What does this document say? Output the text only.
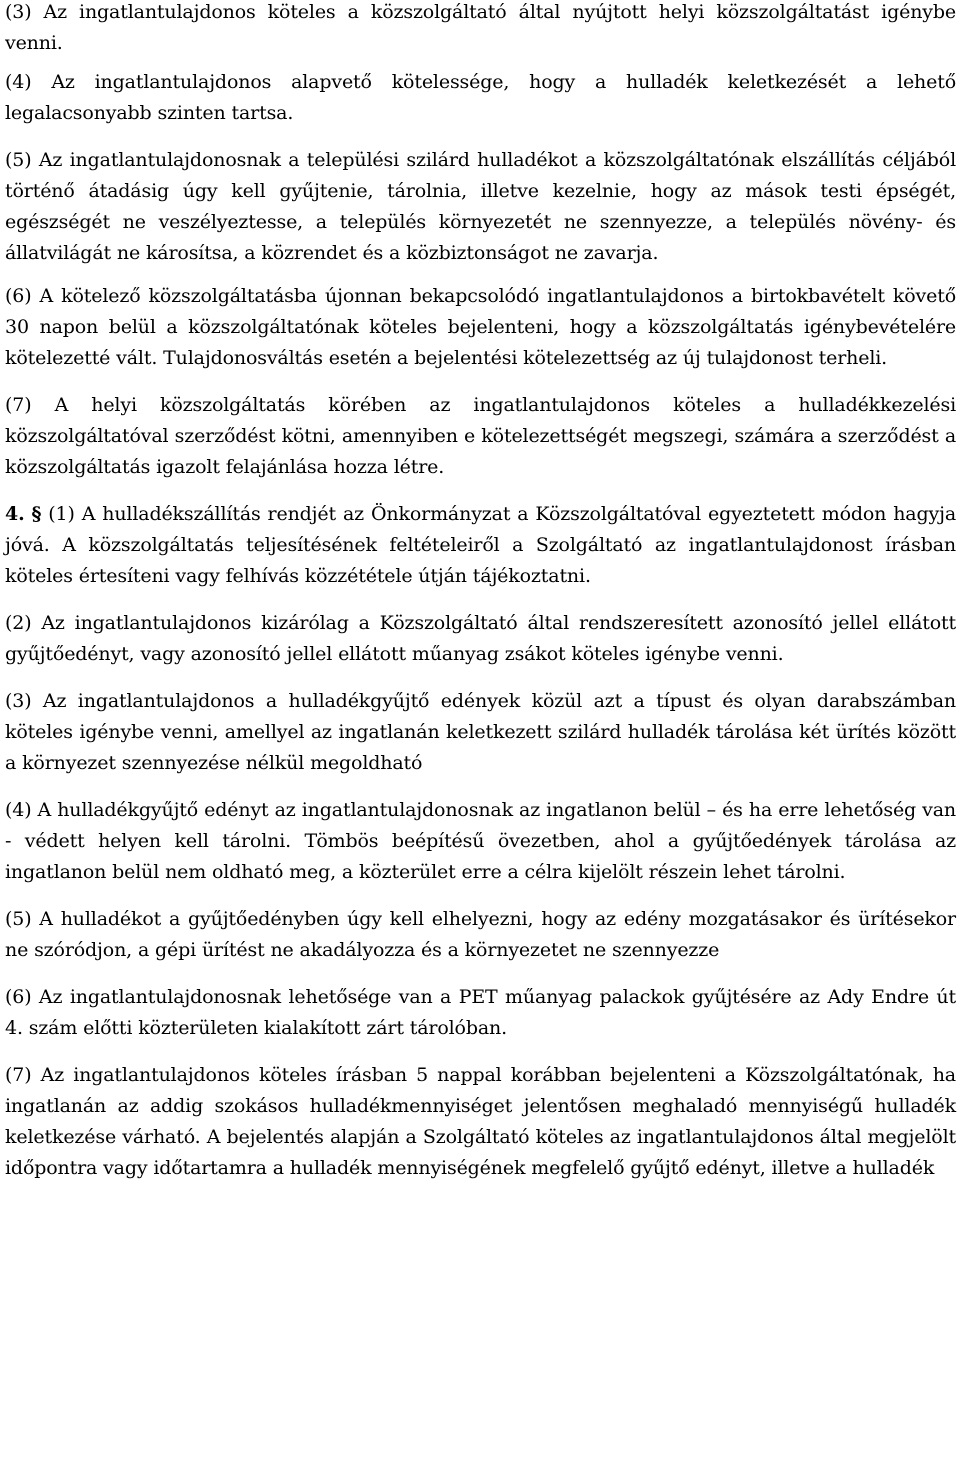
(3) Az ingatlantulajdonos köteles a közszolgáltató által nyújtott helyi közszolgáltatást igénybe venni.

(4) Az ingatlantulajdonos alapvető kötelessége, hogy a hulladék keletkezését a lehető legalacsonyabb szinten tartsa.

(5) Az ingatlantulajdonosnak a települési szilárd hulladékot a közszolgáltatónak elszállítás céljából történő átadásig úgy kell gyűjtenie, tárolnia, illetve kezelnie, hogy az mások testi épségét, egészségét ne veszélyeztesse, a település környezetét ne szennyezze, a település növény- és állatvilágát ne károsítsa, a közrendet és a közbiztonságot ne zavarja.

(6) A kötelező közszolgáltatásba újonnan bekapcsolódó ingatlantulajdonos a birtokbavételt követő 30 napon belül a közszolgáltatónak köteles bejelenteni, hogy a közszolgáltatás igénybevételére kötelezetté vált. Tulajdonosváltás esetén a bejelentési kötelezettség az új tulajdonost terheli.

(7) A helyi közszolgáltatás körében az ingatlantulajdonos köteles a hulladékkezelési közszolgáltatóval szerződést kötni, amennyiben e kötelezettségét megszegi, számára a szerződést a közszolgáltatás igazolt felajánlása hozza létre.

4. § (1) A hulladékszállítás rendjét az Önkormányzat a Közszolgáltatóval egyeztetett módon hagyja jóvá. A közszolgáltatás teljesítésének feltételeiről a Szolgáltató az ingatlantulajdonost írásban köteles értesíteni vagy felhívás közzététele útján tájékoztatni.

(2) Az ingatlantulajdonos kizárólag a Közszolgáltató által rendszeresített azonosító jellel ellátott gyűjtőedényt, vagy azonosító jellel ellátott műanyag zsákot köteles igénybe venni.

(3) Az ingatlantulajdonos a hulladékgyűjtő edények közül azt a típust és olyan darabszámban köteles igénybe venni, amellyel az ingatlanán keletkezett szilárd hulladék tárolása két ürítés között a környezet szennyezése nélkül megoldható

(4) A hulladékgyűjtő edényt az ingatlantulajdonosnak az ingatlanon belül – és ha erre lehetőség van - védett helyen kell tárolni. Tömbös beépítésű övezetben, ahol a gyűjtőedények tárolása az ingatlanon belül nem oldható meg, a közterület erre a célra kijelölt részein lehet tárolni.

(5) A hulladékot a gyűjtőedényben úgy kell elhelyezni, hogy az edény mozgatásakor és ürítésekor ne szóródjon, a gépi ürítést ne akadályozza és a környezetet ne szennyezze

(6) Az ingatlantulajdonosnak lehetősége van a PET műanyag palackok gyűjtésére az Ady Endre út 4. szám előtti közterületen kialakított zárt tárolóban.

(7) Az ingatlantulajdonos köteles írásban 5 nappal korábban bejelenteni a Közszolgáltatónak, ha ingatlanán az addig szokásos hulladékmennyiséget jelentősen meghaladó mennyiségű hulladék keletkezése várható. A bejelentés alapján a Szolgáltató köteles az ingatlantulajdonos által megjelölt időpontra vagy időtartamra a hulladék mennyiségének megfelelő gyűjtő edényt, illetve a hulladék
